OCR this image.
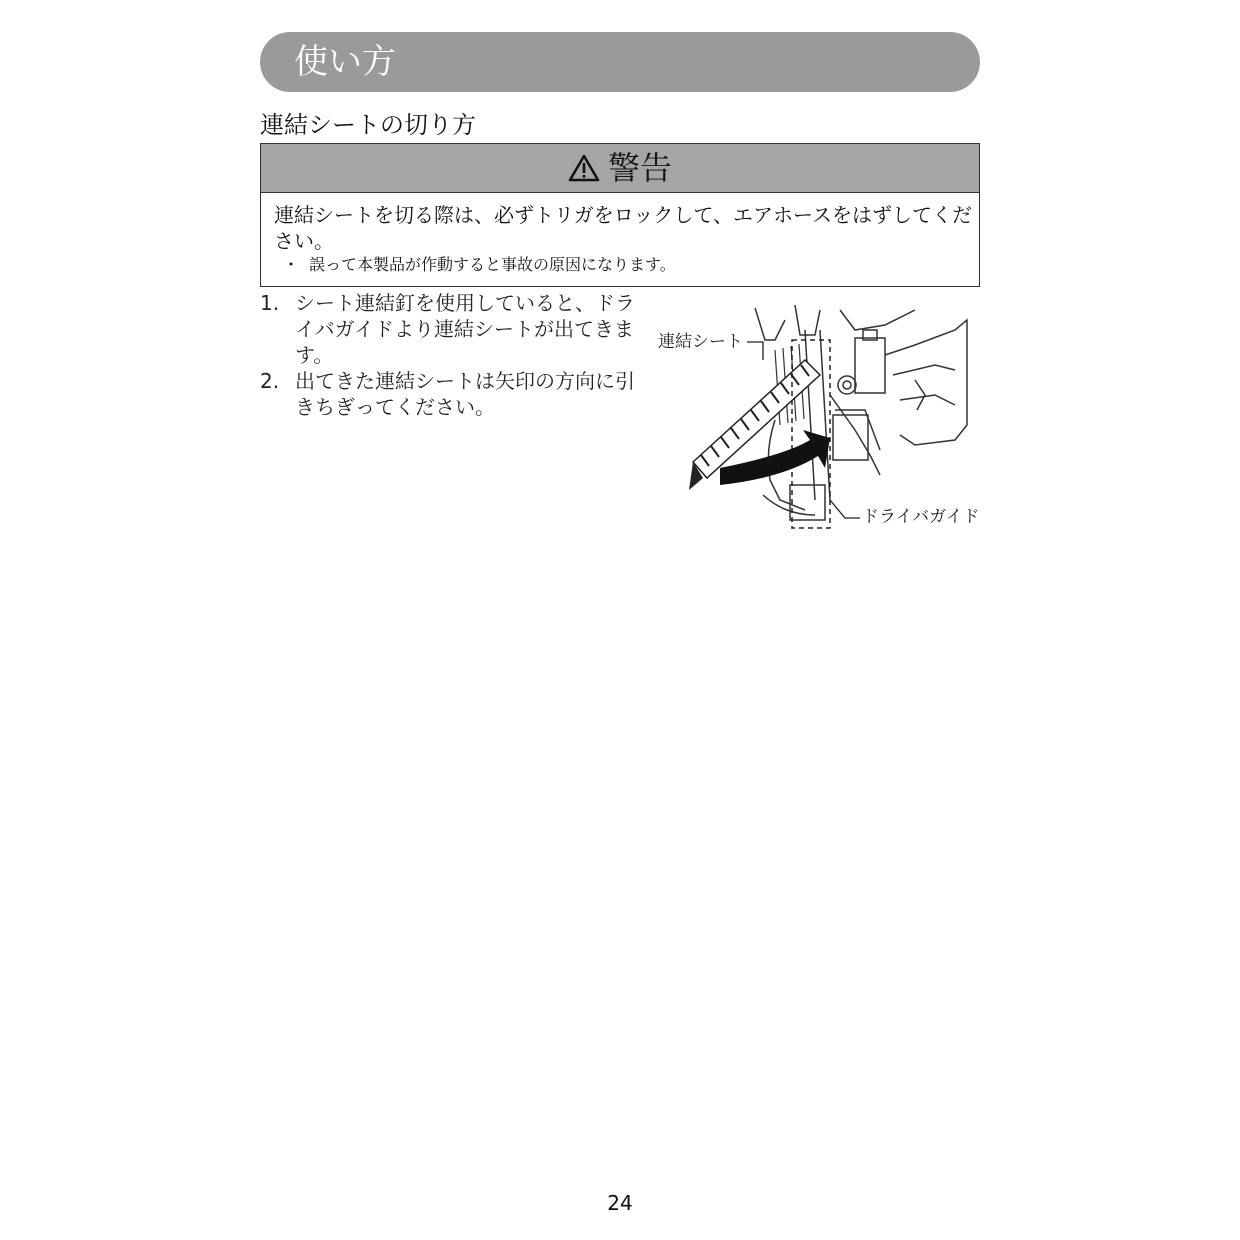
使い方
連結シートの切り方
警告
連結シートを切る際は、必ずトリガをロックして、エアホースをはずしてください。
・ 誤って本製品が作動すると事故の原因になります。
1. シート連結釘を使用していると、ドライバガイドより連結シートが出てきます。
2. 出てきた連結シートは矢印の方向に引きちぎってください。
連結シート
ドライバガイド
24
